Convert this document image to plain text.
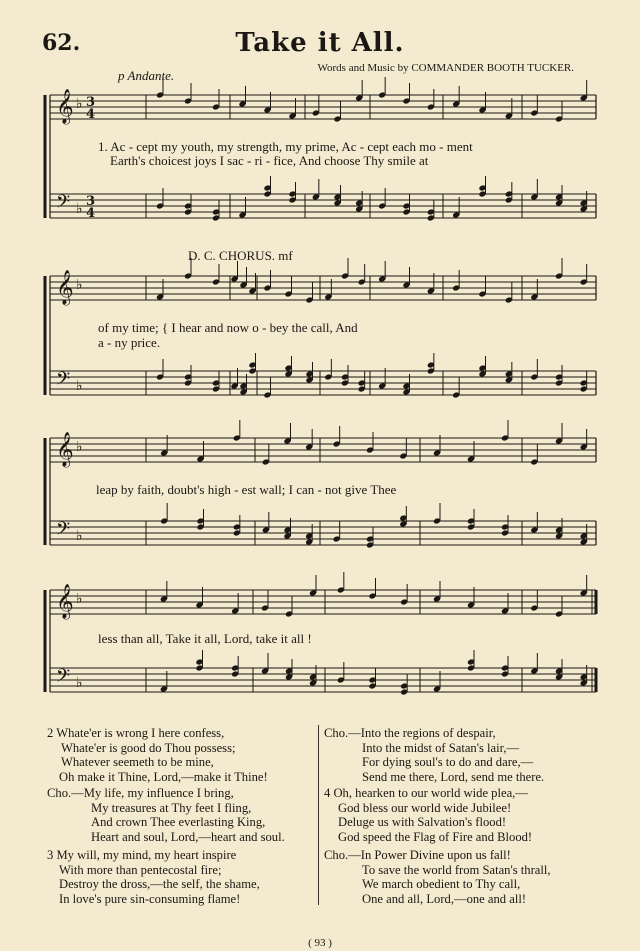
62.	Take it All.
Words and Music by COMMANDER BOOTH TUCKER.
p Andante.
D. C. CHORUS. mf
𝄞 ♭ 3
4
𝄢 ♭ 3
4
𝄞 ♭
𝄢 ♭
𝄞 ♭
𝄢 ♭
𝄞 ♭
𝄢 ♭
1. Ac - cept my youth, my strength, my prime, Ac - cept each mo - ment
Earth's choicest joys I sac - ri - fice, And choose Thy smile at
of my time; { I hear and now o - bey the call, And
a - ny price.
leap by faith, doubt's high - est wall; I can - not give Thee
less than all, Take it all, Lord, take it all !
2 Whate'er is wrong I here confess,
Whate'er is good do Thou possess;
Whatever seemeth to be mine,
Oh make it Thine, Lord,—make it Thine!
Cho.—My life, my influence I bring,
My treasures at Thy feet I fling,
And crown Thee everlasting King,
Heart and soul, Lord,—heart and soul.
3 My will, my mind, my heart inspire
With more than pentecostal fire;
Destroy the dross,—the self, the shame,
In love's pure sin-consuming flame!
Cho.—Into the regions of despair,
Into the midst of Satan's lair,—
For dying soul's to do and dare,—
Send me there, Lord, send me there.
4 Oh, hearken to our world wide plea,—
God bless our world wide Jubilee!
Deluge us with Salvation's flood!
God speed the Flag of Fire and Blood!
Cho.—In Power Divine upon us fall!
To save the world from Satan's thrall,
We march obedient to Thy call,
One and all, Lord,—one and all!
( 93 )
